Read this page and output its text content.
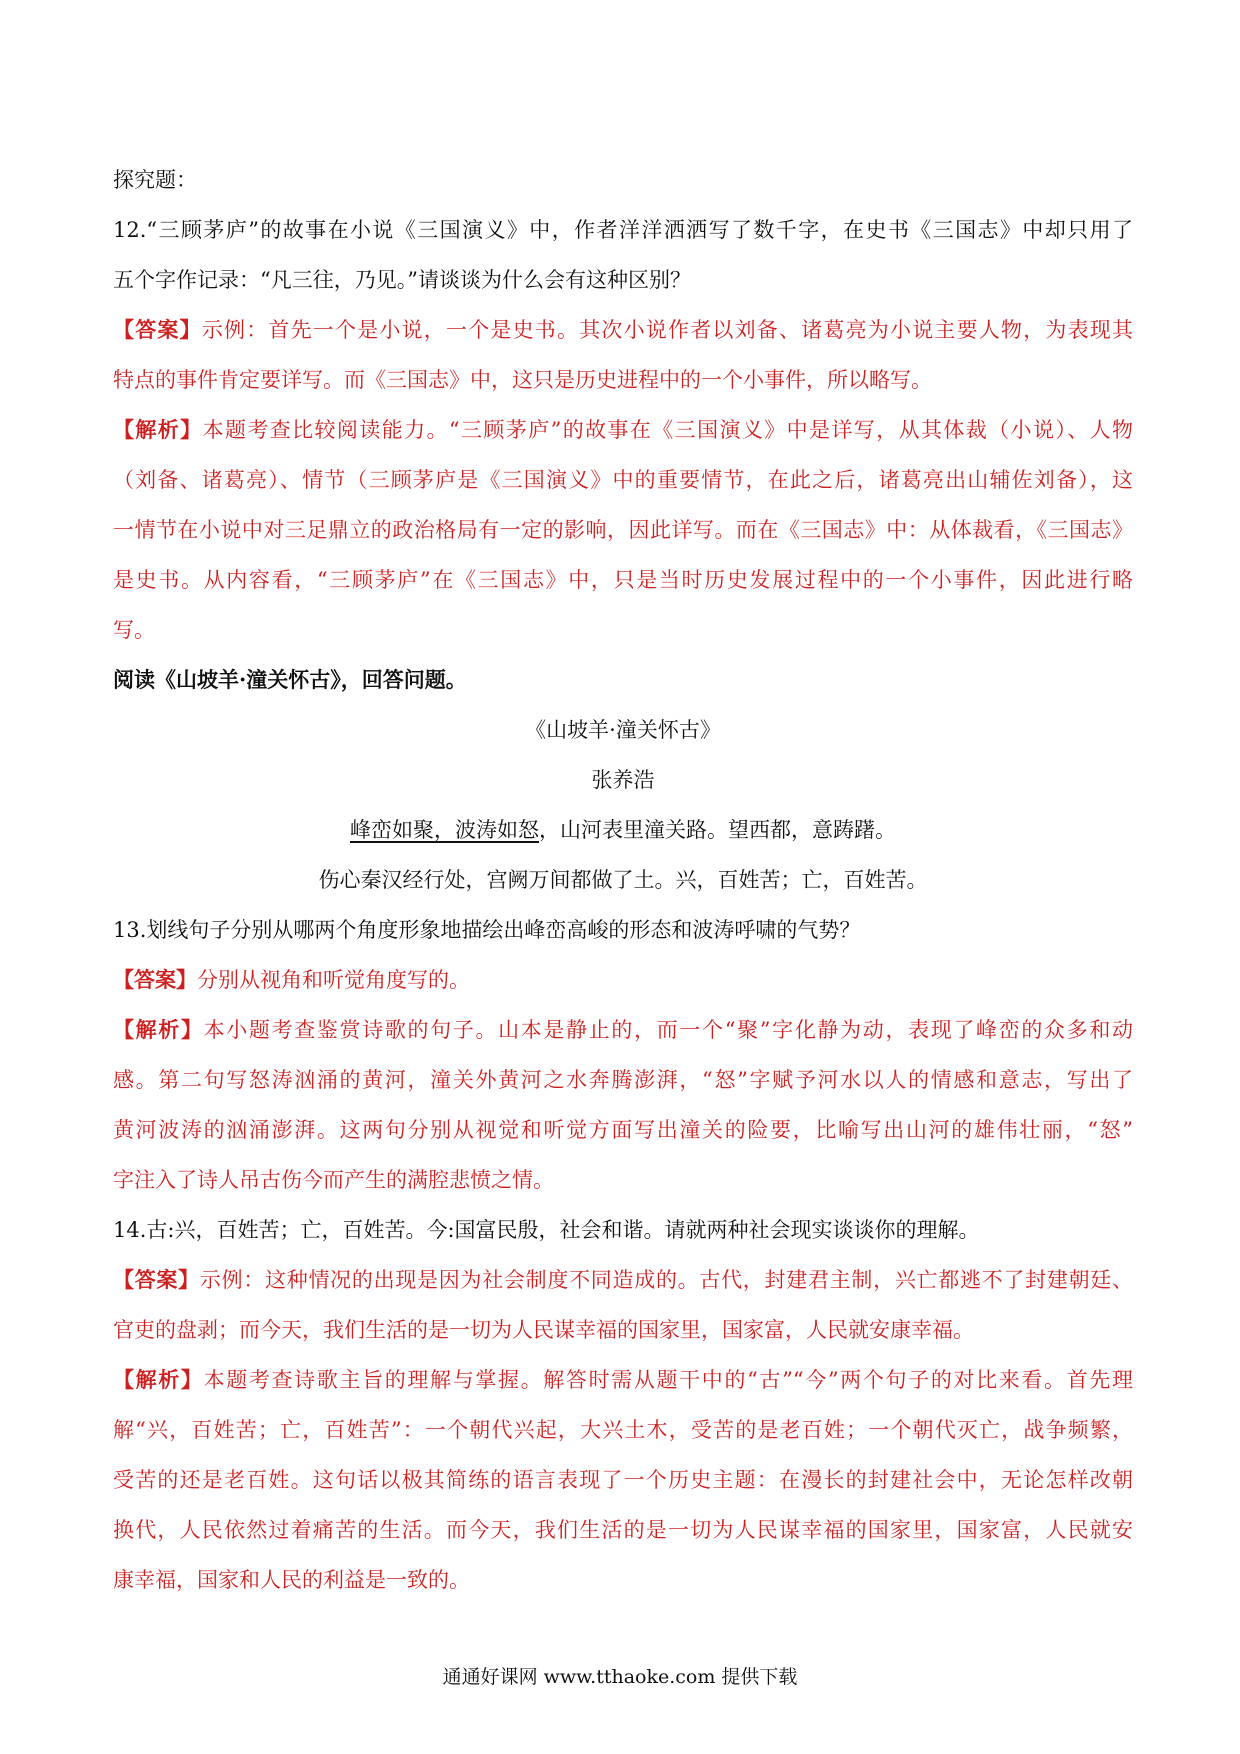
探究题：

12.“三顾茅庐”的故事在小说《三国演义》中，作者洋洋洒洒写了数千字，在史书《三国志》中却只用了

五个字作记录：“凡三往，乃见。”请谈谈为什么会有这种区别？

【答案】示例：首先一个是小说，一个是史书。其次小说作者以刘备、诸葛亮为小说主要人物，为表现其

特点的事件肯定要详写。而《三国志》中，这只是历史进程中的一个小事件，所以略写。

【解析】本题考查比较阅读能力。“三顾茅庐”的故事在《三国演义》中是详写，从其体裁（小说）、人物

（刘备、诸葛亮）、情节（三顾茅庐是《三国演义》中的重要情节，在此之后，诸葛亮出山辅佐刘备），这

一情节在小说中对三足鼎立的政治格局有一定的影响，因此详写。而在《三国志》中：从体裁看，《三国志》

是史书。从内容看，“三顾茅庐”在《三国志》中，只是当时历史发展过程中的一个小事件，因此进行略

写。

阅读《山坡羊·潼关怀古》，回答问题。

《山坡羊·潼关怀古》

张养浩

峰峦如聚，波涛如怒，山河表里潼关路。望西都，意踌躇。

伤心秦汉经行处，宫阙万间都做了土。兴，百姓苦；亡，百姓苦。

13.划线句子分别从哪两个角度形象地描绘出峰峦高峻的形态和波涛呼啸的气势？

【答案】分别从视角和听觉角度写的。

【解析】本小题考查鉴赏诗歌的句子。山本是静止的，而一个“聚”字化静为动，表现了峰峦的众多和动

感。第二句写怒涛汹涌的黄河，潼关外黄河之水奔腾澎湃，“怒”字赋予河水以人的情感和意志，写出了

黄河波涛的汹涌澎湃。这两句分别从视觉和听觉方面写出潼关的险要，比喻写出山河的雄伟壮丽，“怒”

字注入了诗人吊古伤今而产生的满腔悲愤之情。

14.古:兴，百姓苦；亡，百姓苦。今:国富民殷，社会和谐。请就两种社会现实谈谈你的理解。

【答案】示例：这种情况的出现是因为社会制度不同造成的。古代，封建君主制，兴亡都逃不了封建朝廷、

官吏的盘剥；而今天，我们生活的是一切为人民谋幸福的国家里，国家富，人民就安康幸福。

【解析】本题考查诗歌主旨的理解与掌握。解答时需从题干中的“古”“今”两个句子的对比来看。首先理

解“兴，百姓苦；亡，百姓苦”：一个朝代兴起，大兴土木，受苦的是老百姓；一个朝代灭亡，战争频繁，

受苦的还是老百姓。这句话以极其简练的语言表现了一个历史主题：在漫长的封建社会中，无论怎样改朝

换代，人民依然过着痛苦的生活。而今天，我们生活的是一切为人民谋幸福的国家里，国家富，人民就安

康幸福，国家和人民的利益是一致的。

通通好课网 www.tthaoke.com 提供下载
